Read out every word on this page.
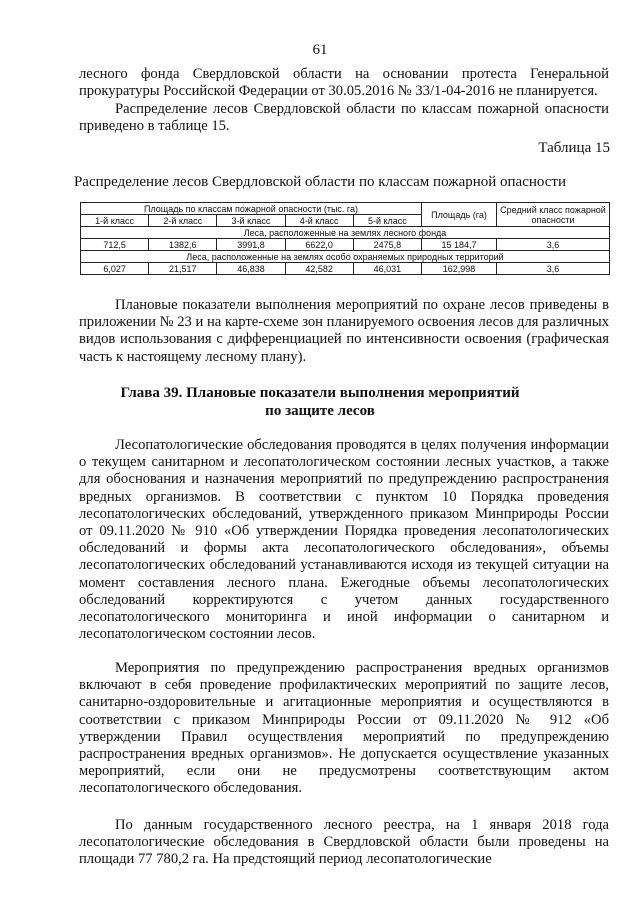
61

лесного фонда Свердловской области на основании протеста Генеральной прокуратуры Российской Федерации от 30.05.2016 № 33/1-04-2016 не планируется.

Распределение лесов Свердловской области по классам пожарной опасности приведено в таблице 15.

Таблица 15
Распределение лесов Свердловской области по классам пожарной опасности
Площадь по классам пожарной опасности (тыс. га)					Площадь (га)	Средний класс пожарной опасности
1-й класс	2-й класс	3-й класс	4-й класс	5-й класс		
Леса, расположенные на землях лесного фонда						
712,5	1382,6	3991,8	6622,0	2475,8	15 184,7	3,6
Леса, расположенные на землях особо охраняемых природных территорий						
6,027	21,517	46,838	42,582	46,031	162,998	3,6

Плановые показатели выполнения мероприятий по охране лесов приведены в приложении № 23 и на карте-схеме зон планируемого освоения лесов для различных видов использования с дифференциацией по интенсивности освоения (графическая часть к настоящему лесному плану).

Глава 39. Плановые показатели выполнения мероприятий
по защите лесов

Лесопатологические обследования проводятся в целях получения информации о текущем санитарном и лесопатологическом состоянии лесных участков, а также для обоснования и назначения мероприятий по предупреждению распространения вредных организмов. В соответствии с пунктом 10 Порядка проведения лесопатологических обследований, утвержденного приказом Минприроды России от 09.11.2020 № 910 «Об утверждении Порядка проведения лесопатологических обследований и формы акта лесопатологического обследования», объемы лесопатологических обследований устанавливаются исходя из текущей ситуации на момент составления лесного плана. Ежегодные объемы лесопатологических обследований корректируются с учетом данных государственного лесопатологического мониторинга и иной информации о санитарном и лесопатологическом состоянии лесов.

Мероприятия по предупреждению распространения вредных организмов включают в себя проведение профилактических мероприятий по защите лесов, санитарно-оздоровительные и агитационные мероприятия и осуществляются в соответствии с приказом Минприроды России от 09.11.2020 № 912 «Об утверждении Правил осуществления мероприятий по предупреждению распространения вредных организмов». Не допускается осуществление указанных мероприятий, если они не предусмотрены соответствующим актом лесопатологического обследования.

По данным государственного лесного реестра, на 1 января 2018 года лесопатологические обследования в Свердловской области были проведены на площади 77 780,2 га. На предстоящий период лесопатологические
